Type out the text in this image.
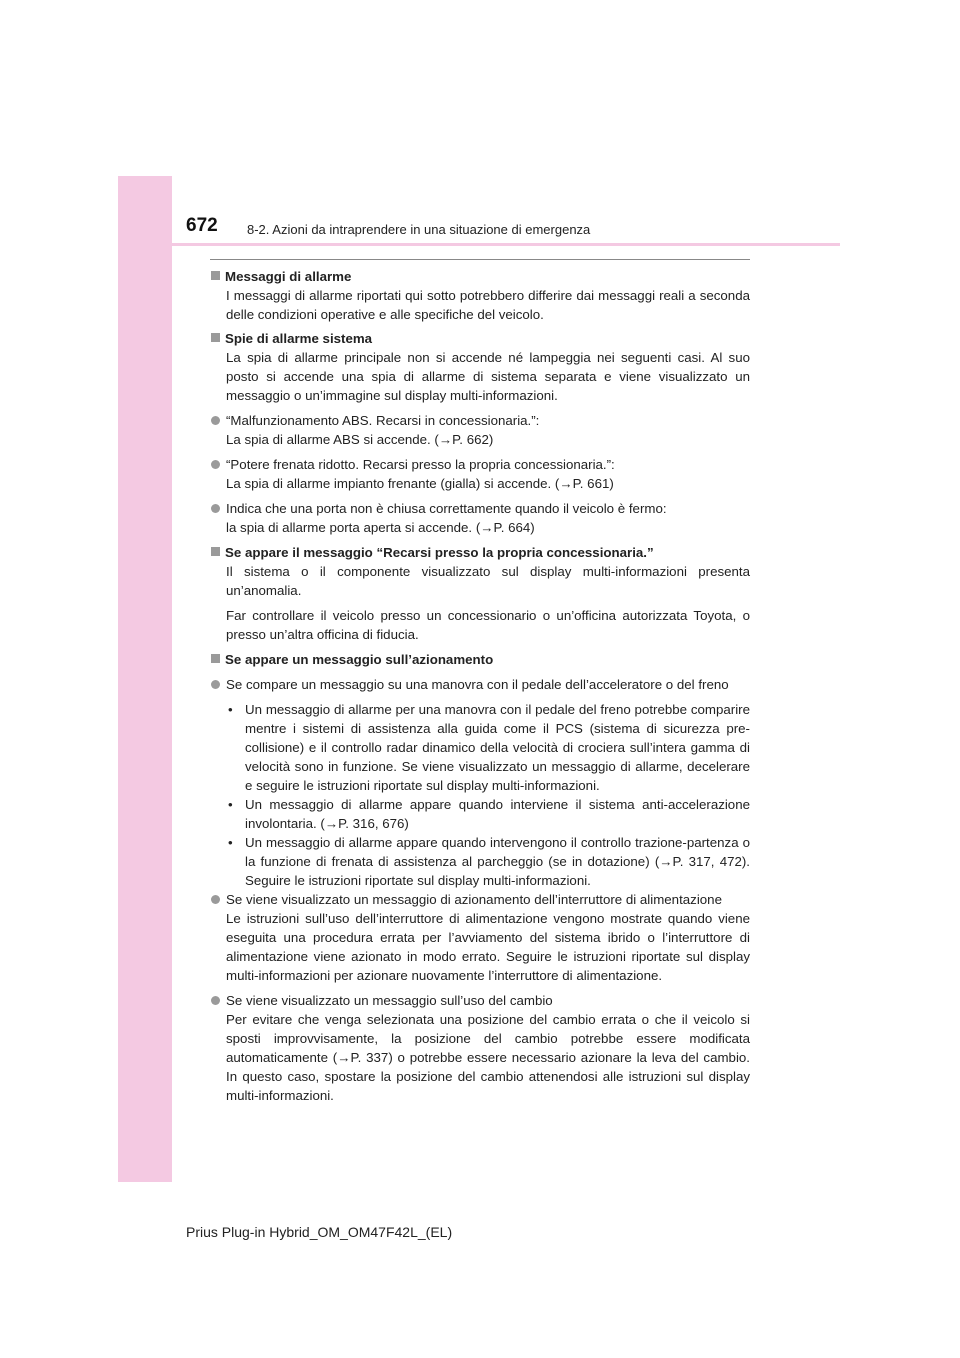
672 8-2. Azioni da intraprendere in una situazione di emergenza

Messaggi di allarme

I messaggi di allarme riportati qui sotto potrebbero differire dai messaggi reali a seconda delle condizioni operative e alle specifiche del veicolo.

Spie di allarme sistema

La spia di allarme principale non si accende né lampeggia nei seguenti casi. Al suo posto si accende una spia di allarme di sistema separata e viene visualizzato un messaggio o un’immagine sul display multi-informazioni.

“Malfunzionamento ABS. Recarsi in concessionaria.”:
La spia di allarme ABS si accende. (→P. 662)

“Potere frenata ridotto. Recarsi presso la propria concessionaria.”:
La spia di allarme impianto frenante (gialla) si accende. (→P. 661)

Indica che una porta non è chiusa correttamente quando il veicolo è fermo:
la spia di allarme porta aperta si accende. (→P. 664)

Se appare il messaggio “Recarsi presso la propria concessionaria.”

Il sistema o il componente visualizzato sul display multi-informazioni presenta un’anomalia.

Far controllare il veicolo presso un concessionario o un’officina autorizzata Toyota, o presso un’altra officina di fiducia.

Se appare un messaggio sull’azionamento

Se compare un messaggio su una manovra con il pedale dell’acceleratore o del freno

• Un messaggio di allarme per una manovra con il pedale del freno potrebbe comparire mentre i sistemi di assistenza alla guida come il PCS (sistema di sicurezza pre-collisione) e il controllo radar dinamico della velocità di crociera sull’intera gamma di velocità sono in funzione. Se viene visualizzato un messaggio di allarme, decelerare e seguire le istruzioni riportate sul display multi-informazioni.

• Un messaggio di allarme appare quando interviene il sistema anti-accelerazione involontaria. (→P. 316, 676)

• Un messaggio di allarme appare quando intervengono il controllo trazione-partenza o la funzione di frenata di assistenza al parcheggio (se in dotazione) (→P. 317, 472). Seguire le istruzioni riportate sul display multi-informazioni.

Se viene visualizzato un messaggio di azionamento dell’interruttore di alimentazione
Le istruzioni sull’uso dell’interruttore di alimentazione vengono mostrate quando viene eseguita una procedura errata per l’avviamento del sistema ibrido o l’interruttore di alimentazione viene azionato in modo errato. Seguire le istruzioni riportate sul display multi-informazioni per azionare nuovamente l’interruttore di alimentazione.

Se viene visualizzato un messaggio sull’uso del cambio
Per evitare che venga selezionata una posizione del cambio errata o che il veicolo si sposti improvvisamente, la posizione del cambio potrebbe essere modificata automaticamente (→P. 337) o potrebbe essere necessario azionare la leva del cambio. In questo caso, spostare la posizione del cambio attenendosi alle istruzioni sul display multi-informazioni.

Prius Plug-in Hybrid_OM_OM47F42L_(EL)
